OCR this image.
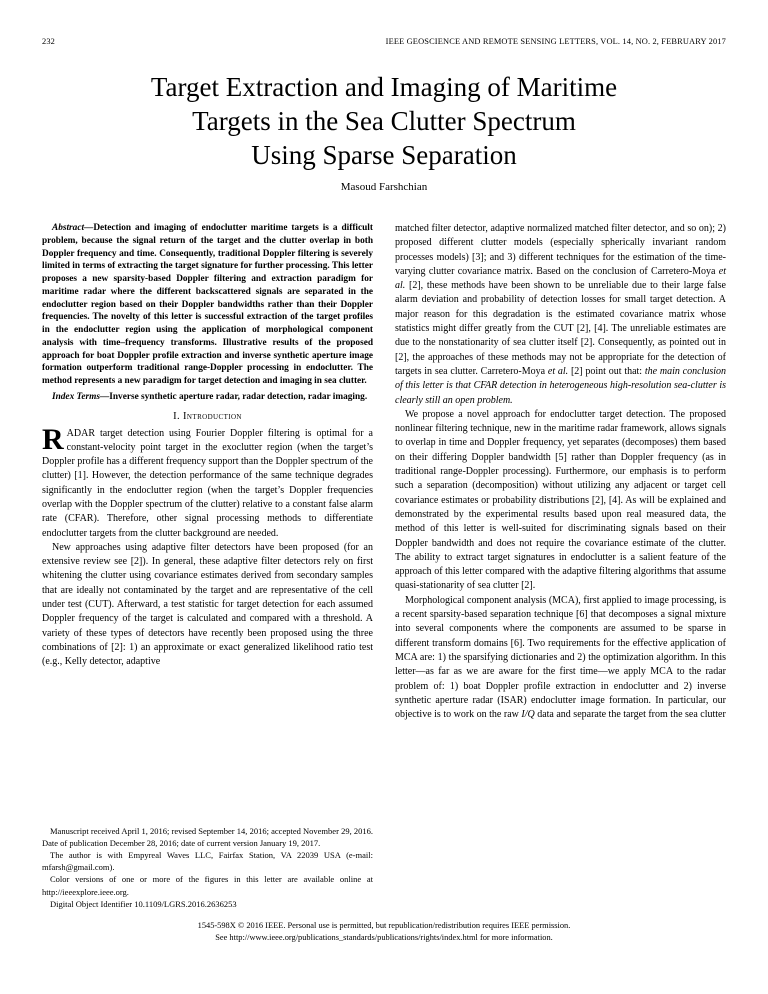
232	IEEE GEOSCIENCE AND REMOTE SENSING LETTERS, VOL. 14, NO. 2, FEBRUARY 2017
Target Extraction and Imaging of Maritime
Targets in the Sea Clutter Spectrum
Using Sparse Separation
Masoud Farshchian

Abstract—Detection and imaging of endoclutter maritime targets is a difficult problem, because the signal return of the target and the clutter overlap in both Doppler frequency and time. Consequently, traditional Doppler filtering is severely limited in terms of extracting the target signature for further processing. This letter proposes a new sparsity-based Doppler filtering and extraction paradigm for maritime radar where the different backscattered signals are separated in the endoclutter region based on their Doppler bandwidths rather than their Doppler frequencies. The novelty of this letter is successful extraction of the target profiles in the endoclutter region using the application of morphological component analysis with time–frequency transforms. Illustrative results of the proposed approach for boat Doppler profile extraction and inverse synthetic aperture image formation outperform traditional range-Doppler processing in endoclutter. The method represents a new paradigm for target detection and imaging in sea clutter.

Index Terms—Inverse synthetic aperture radar, radar detection, radar imaging.

I. Introduction

RADAR target detection using Fourier Doppler filtering is optimal for a constant-velocity point target in the exoclutter region (when the target’s Doppler profile has a different frequency support than the Doppler spectrum of the clutter) [1]. However, the detection performance of the same technique degrades significantly in the endoclutter region (when the target’s Doppler frequencies overlap with the Doppler spectrum of the clutter) relative to a constant false alarm rate (CFAR). Therefore, other signal processing methods to differentiate endoclutter targets from the clutter background are needed.

New approaches using adaptive filter detectors have been proposed (for an extensive review see [2]). In general, these adaptive filter detectors rely on first whitening the clutter using covariance estimates derived from secondary samples that are ideally not contaminated by the target and are representative of the cell under test (CUT). Afterward, a test statistic for target detection for each assumed Doppler frequency of the target is calculated and compared with a threshold. A variety of these types of detectors have recently been proposed using the three combinations of [2]: 1) an approximate or exact generalized likelihood ratio test (e.g., Kelly detector, adaptive

Manuscript received April 1, 2016; revised September 14, 2016; accepted November 29, 2016. Date of publication December 28, 2016; date of current version January 19, 2017.

The author is with Empyreal Waves LLC, Fairfax Station, VA 22039 USA (e-mail: mfarsh@gmail.com).

Color versions of one or more of the figures in this letter are available online at http://ieeexplore.ieee.org.

Digital Object Identifier 10.1109/LGRS.2016.2636253

matched filter detector, adaptive normalized matched filter detector, and so on); 2) proposed different clutter models (especially spherically invariant random processes models) [3]; and 3) different techniques for the estimation of the time-varying clutter covariance matrix. Based on the conclusion of Carretero-Moya et al. [2], these methods have been shown to be unreliable due to their large false alarm deviation and probability of detection losses for small target detection. A major reason for this degradation is the estimated covariance matrix whose statistics might differ greatly from the CUT [2], [4]. The unreliable estimates are due to the nonstationarity of sea clutter itself [2]. Consequently, as pointed out in [2], the approaches of these methods may not be appropriate for the detection of targets in sea clutter. Carretero-Moya et al. [2] point out that: the main conclusion of this letter is that CFAR detection in heterogeneous high-resolution sea-clutter is clearly still an open problem.

We propose a novel approach for endoclutter target detection. The proposed nonlinear filtering technique, new in the maritime radar framework, allows signals to overlap in time and Doppler frequency, yet separates (decomposes) them based on their differing Doppler bandwidth [5] rather than Doppler frequency (as in traditional range-Doppler processing). Furthermore, our emphasis is to perform such a separation (decomposition) without utilizing any adjacent or target cell covariance estimates or probability distributions [2], [4]. As will be explained and demonstrated by the experimental results based upon real measured data, the method of this letter is well-suited for discriminating signals based on their Doppler bandwidth and does not require the covariance estimate of the clutter. The ability to extract target signatures in endoclutter is a salient feature of the approach of this letter compared with the adaptive filtering algorithms that assume quasi-stationarity of sea clutter [2].

Morphological component analysis (MCA), first applied to image processing, is a recent sparsity-based separation technique [6] that decomposes a signal mixture into several components where the components are assumed to be sparse in different transform domains [6]. Two requirements for the effective application of MCA are: 1) the sparsifying dictionaries and 2) the optimization algorithm. In this letter—as far as we are aware for the first time—we apply MCA to the radar problem of: 1) boat Doppler profile extraction in endoclutter and 2) inverse synthetic aperture radar (ISAR) endoclutter image formation. In particular, our objective is to work on the raw I/Q data and separate the target from the sea clutter

1545-598X © 2016 IEEE. Personal use is permitted, but republication/redistribution requires IEEE permission.
See http://www.ieee.org/publications_standards/publications/rights/index.html for more information.
